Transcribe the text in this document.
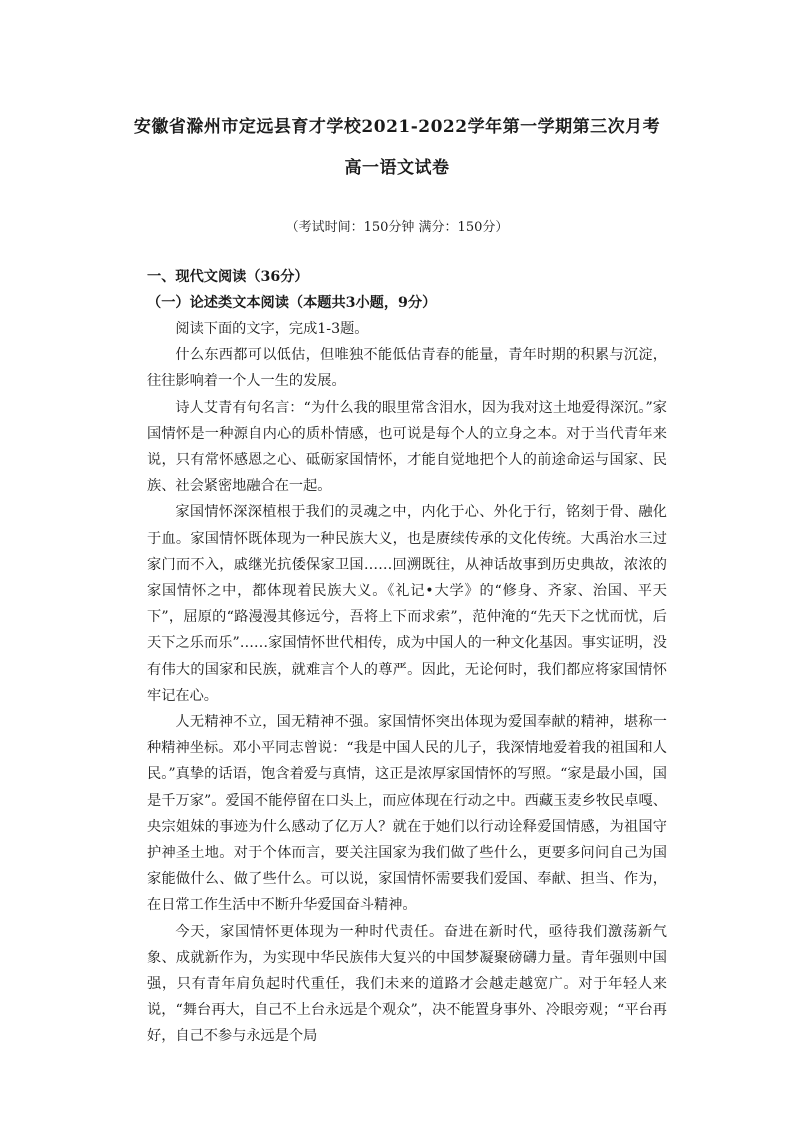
安徽省滁州市定远县育才学校2021-2022学年第一学期第三次月考
高一语文试卷
（考试时间：150分钟 满分：150分）
一、现代文阅读（36分）
（一）论述类文本阅读（本题共3小题，9分）

阅读下面的文字，完成1-3题。

什么东西都可以低估，但唯独不能低估青春的能量，青年时期的积累与沉淀，往往影响着一个人一生的发展。

诗人艾青有句名言：“为什么我的眼里常含泪水，因为我对这土地爱得深沉。”家国情怀是一种源自内心的质朴情感，也可说是每个人的立身之本。对于当代青年来说，只有常怀感恩之心、砥砺家国情怀，才能自觉地把个人的前途命运与国家、民族、社会紧密地融合在一起。

家国情怀深深植根于我们的灵魂之中，内化于心、外化于行，铭刻于骨、融化于血。家国情怀既体现为一种民族大义，也是赓续传承的文化传统。大禹治水三过家门而不入，戚继光抗倭保家卫国……回溯既往，从神话故事到历史典故，浓浓的家国情怀之中，都体现着民族大义。《礼记•大学》的“修身、齐家、治国、平天下”，屈原的“路漫漫其修远兮，吾将上下而求索”，范仲淹的“先天下之忧而忧，后天下之乐而乐”……家国情怀世代相传，成为中国人的一种文化基因。事实证明，没有伟大的国家和民族，就难言个人的尊严。因此，无论何时，我们都应将家国情怀牢记在心。

人无精神不立，国无精神不强。家国情怀突出体现为爱国奉献的精神，堪称一种精神坐标。邓小平同志曾说：“我是中国人民的儿子，我深情地爱着我的祖国和人民。”真挚的话语，饱含着爱与真情，这正是浓厚家国情怀的写照。“家是最小国，国是千万家”。爱国不能停留在口头上，而应体现在行动之中。西藏玉麦乡牧民卓嘎、央宗姐妹的事迹为什么感动了亿万人？就在于她们以行动诠释爱国情感，为祖国守护神圣土地。对于个体而言，要关注国家为我们做了些什么，更要多问问自己为国家能做什么、做了些什么。可以说，家国情怀需要我们爱国、奉献、担当、作为，在日常工作生活中不断升华爱国奋斗精神。

今天，家国情怀更体现为一种时代责任。奋进在新时代，亟待我们激荡新气象、成就新作为，为实现中华民族伟大复兴的中国梦凝聚磅礴力量。青年强则中国强，只有青年肩负起时代重任，我们未来的道路才会越走越宽广。对于年轻人来说，“舞台再大，自己不上台永远是个观众”，决不能置身事外、冷眼旁观；“平台再好，自己不参与永远是个局
